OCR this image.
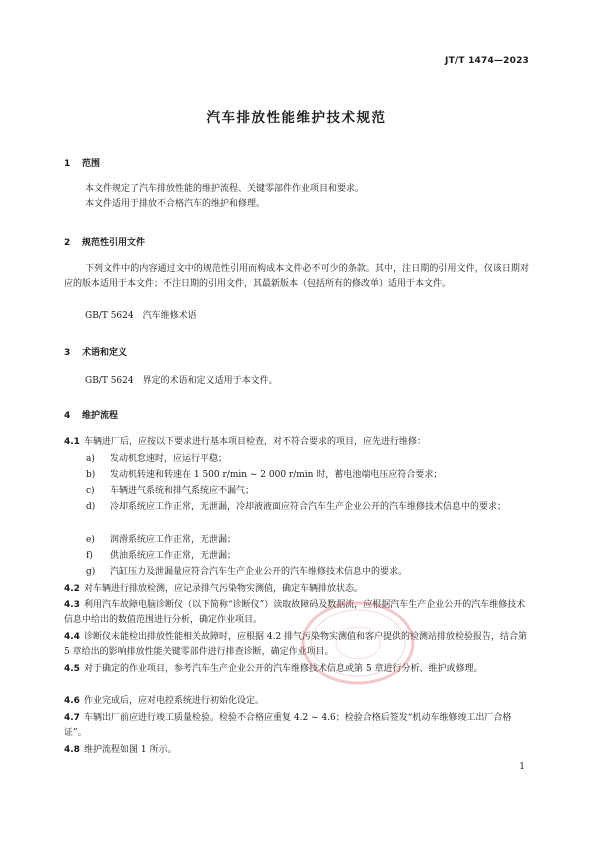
JT/T 1474—2023
汽车排放性能维护技术规范
1 范围
本文件规定了汽车排放性能的维护流程、关键零部件作业项目和要求。
本文件适用于排放不合格汽车的维护和修理。
2 规范性引用文件
下列文件中的内容通过文中的规范性引用而构成本文件必不可少的条款。其中，注日期的引用文件，仅该日期对应的版本适用于本文件；不注日期的引用文件，其最新版本（包括所有的修改单）适用于本文件。
GB/T 5624　汽车维修术语
3 术语和定义
GB/T 5624　界定的术语和定义适用于本文件。
4 维护流程
4.1 车辆进厂后，应按以下要求进行基本项目检查，对不符合要求的项目，应先进行维修：
a)	发动机怠速时，应运行平稳；
b)	发动机转速和转速在 1 500 r/min ~ 2 000 r/min 时，蓄电池端电压应符合要求；
c)	车辆进气系统和排气系统应不漏气；
d)	冷却系统应工作正常，无泄漏，冷却液液面应符合汽车生产企业公开的汽车维修技术信息中的要求；
e)	润滑系统应工作正常，无泄漏；
f)	供油系统应工作正常，无泄漏；
g)	汽缸压力及泄漏量应符合汽车生产企业公开的汽车维修技术信息中的要求。
4.2 对车辆进行排放检测，应记录排气污染物实测值，确定车辆排放状态。
4.3 利用汽车故障电脑诊断仪（以下简称“诊断仪”）读取故障码及数据流，应根据汽车生产企业公开的汽车维修技术信息中给出的数值范围进行分析，确定作业项目。
4.4 诊断仪未能检出排放性能相关故障时，应根据 4.2 排气污染物实测值和客户提供的检测站排放检验报告，结合第 5 章给出的影响排放性能关键零部件进行排查诊断，确定作业项目。
4.5 对于确定的作业项目，参考汽车生产企业公开的汽车维修技术信息或第 5 章进行分析、维护或修理。
4.6 作业完成后，应对电控系统进行初始化设定。
4.7 车辆出厂前应进行竣工质量检验。检验不合格应重复 4.2 ~ 4.6；检验合格后签发“机动车维修竣工出厂合格证”。
4.8 维护流程如图 1 所示。
1
